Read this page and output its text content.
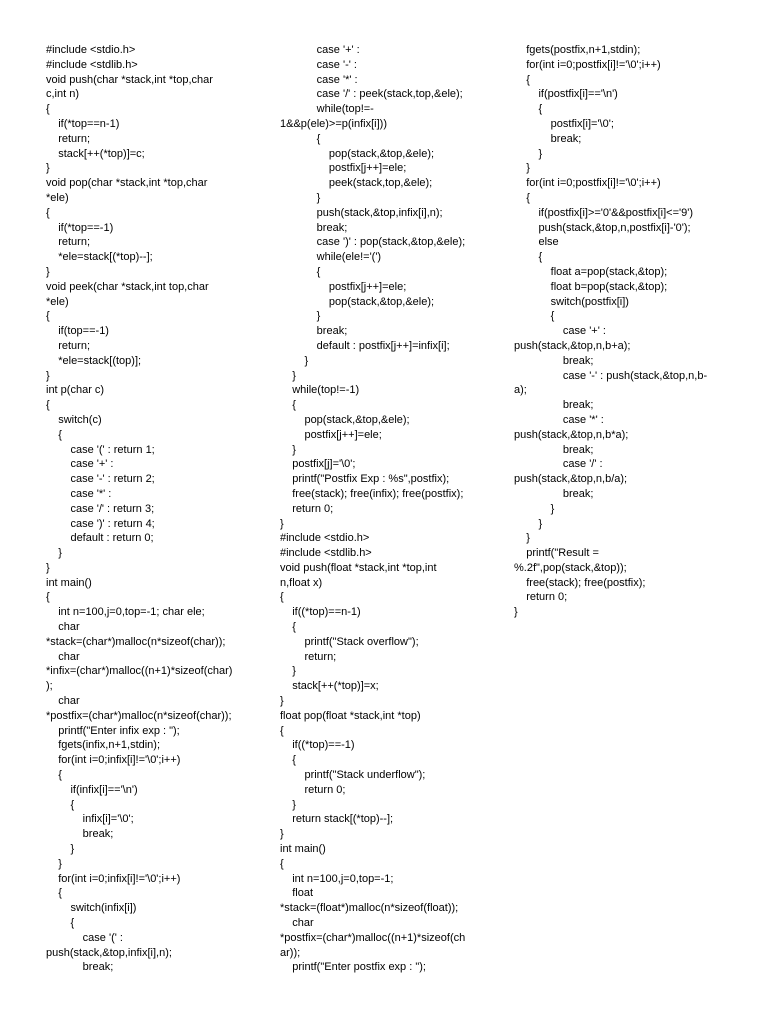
#include <stdio.h>
#include <stdlib.h>
void push(char *stack,int *top,char
c,int n)
{
if(*top==n-1)
return;
stack[++(*top)]=c;
}
void pop(char *stack,int *top,char
*ele)
{
if(*top==-1)
return;
*ele=stack[(*top)--];
}
void peek(char *stack,int top,char
*ele)
{
if(top==-1)
return;
*ele=stack[(top)];
}
int p(char c)
{
switch(c)
{
case '(' : return 1;
case '+' :
case '-' : return 2;
case '*' :
case '/' : return 3;
case ')' : return 4;
default : return 0;
}
}
int main()
{
int n=100,j=0,top=-1; char ele;
char
*stack=(char*)malloc(n*sizeof(char));
char
*infix=(char*)malloc((n+1)*sizeof(char)
);
char
*postfix=(char*)malloc(n*sizeof(char));
printf("Enter infix exp : ");
fgets(infix,n+1,stdin);
for(int i=0;infix[i]!='\0';i++)
{
if(infix[i]=='\n')
{
infix[i]='\0';
break;
}
}
for(int i=0;infix[i]!='\0';i++)
{
switch(infix[i])
{
case '(' :
push(stack,&top,infix[i],n);
break;
case '+' :
case '-' :
case '*' :
case '/' : peek(stack,top,&ele);
while(top!=-
1&&p(ele)>=p(infix[i]))
{
pop(stack,&top,&ele);
postfix[j++]=ele;
peek(stack,top,&ele);
}
push(stack,&top,infix[i],n);
break;
case ')' : pop(stack,&top,&ele);
while(ele!='(')
{
postfix[j++]=ele;
pop(stack,&top,&ele);
}
break;
default : postfix[j++]=infix[i];
}
}
while(top!=-1)
{
pop(stack,&top,&ele);
postfix[j++]=ele;
}
postfix[j]='\0';
printf("Postfix Exp : %s",postfix);
free(stack); free(infix); free(postfix);
return 0;
}
#include <stdio.h>
#include <stdlib.h>
void push(float *stack,int *top,int
n,float x)
{
if((*top)==n-1)
{
printf("Stack overflow");
return;
}
stack[++(*top)]=x;
}
float pop(float *stack,int *top)
{
if((*top)==-1)
{
printf("Stack underflow");
return 0;
}
return stack[(*top)--];
}
int main()
{
int n=100,j=0,top=-1;
float
*stack=(float*)malloc(n*sizeof(float));
char
*postfix=(char*)malloc((n+1)*sizeof(ch
ar));
printf("Enter postfix exp : ");
fgets(postfix,n+1,stdin);
for(int i=0;postfix[i]!='\0';i++)
{
if(postfix[i]=='\n')
{
postfix[i]='\0';
break;
}
}
for(int i=0;postfix[i]!='\0';i++)
{
if(postfix[i]>='0'&&postfix[i]<='9')
push(stack,&top,n,postfix[i]-'0');
else
{
float a=pop(stack,&top);
float b=pop(stack,&top);
switch(postfix[i])
{
case '+' :
push(stack,&top,n,b+a);
break;
case '-' : push(stack,&top,n,b-
a);
break;
case '*' :
push(stack,&top,n,b*a);
break;
case '/' :
push(stack,&top,n,b/a);
break;
}
}
}
printf("Result =
%.2f",pop(stack,&top));
free(stack); free(postfix);
return 0;
}
